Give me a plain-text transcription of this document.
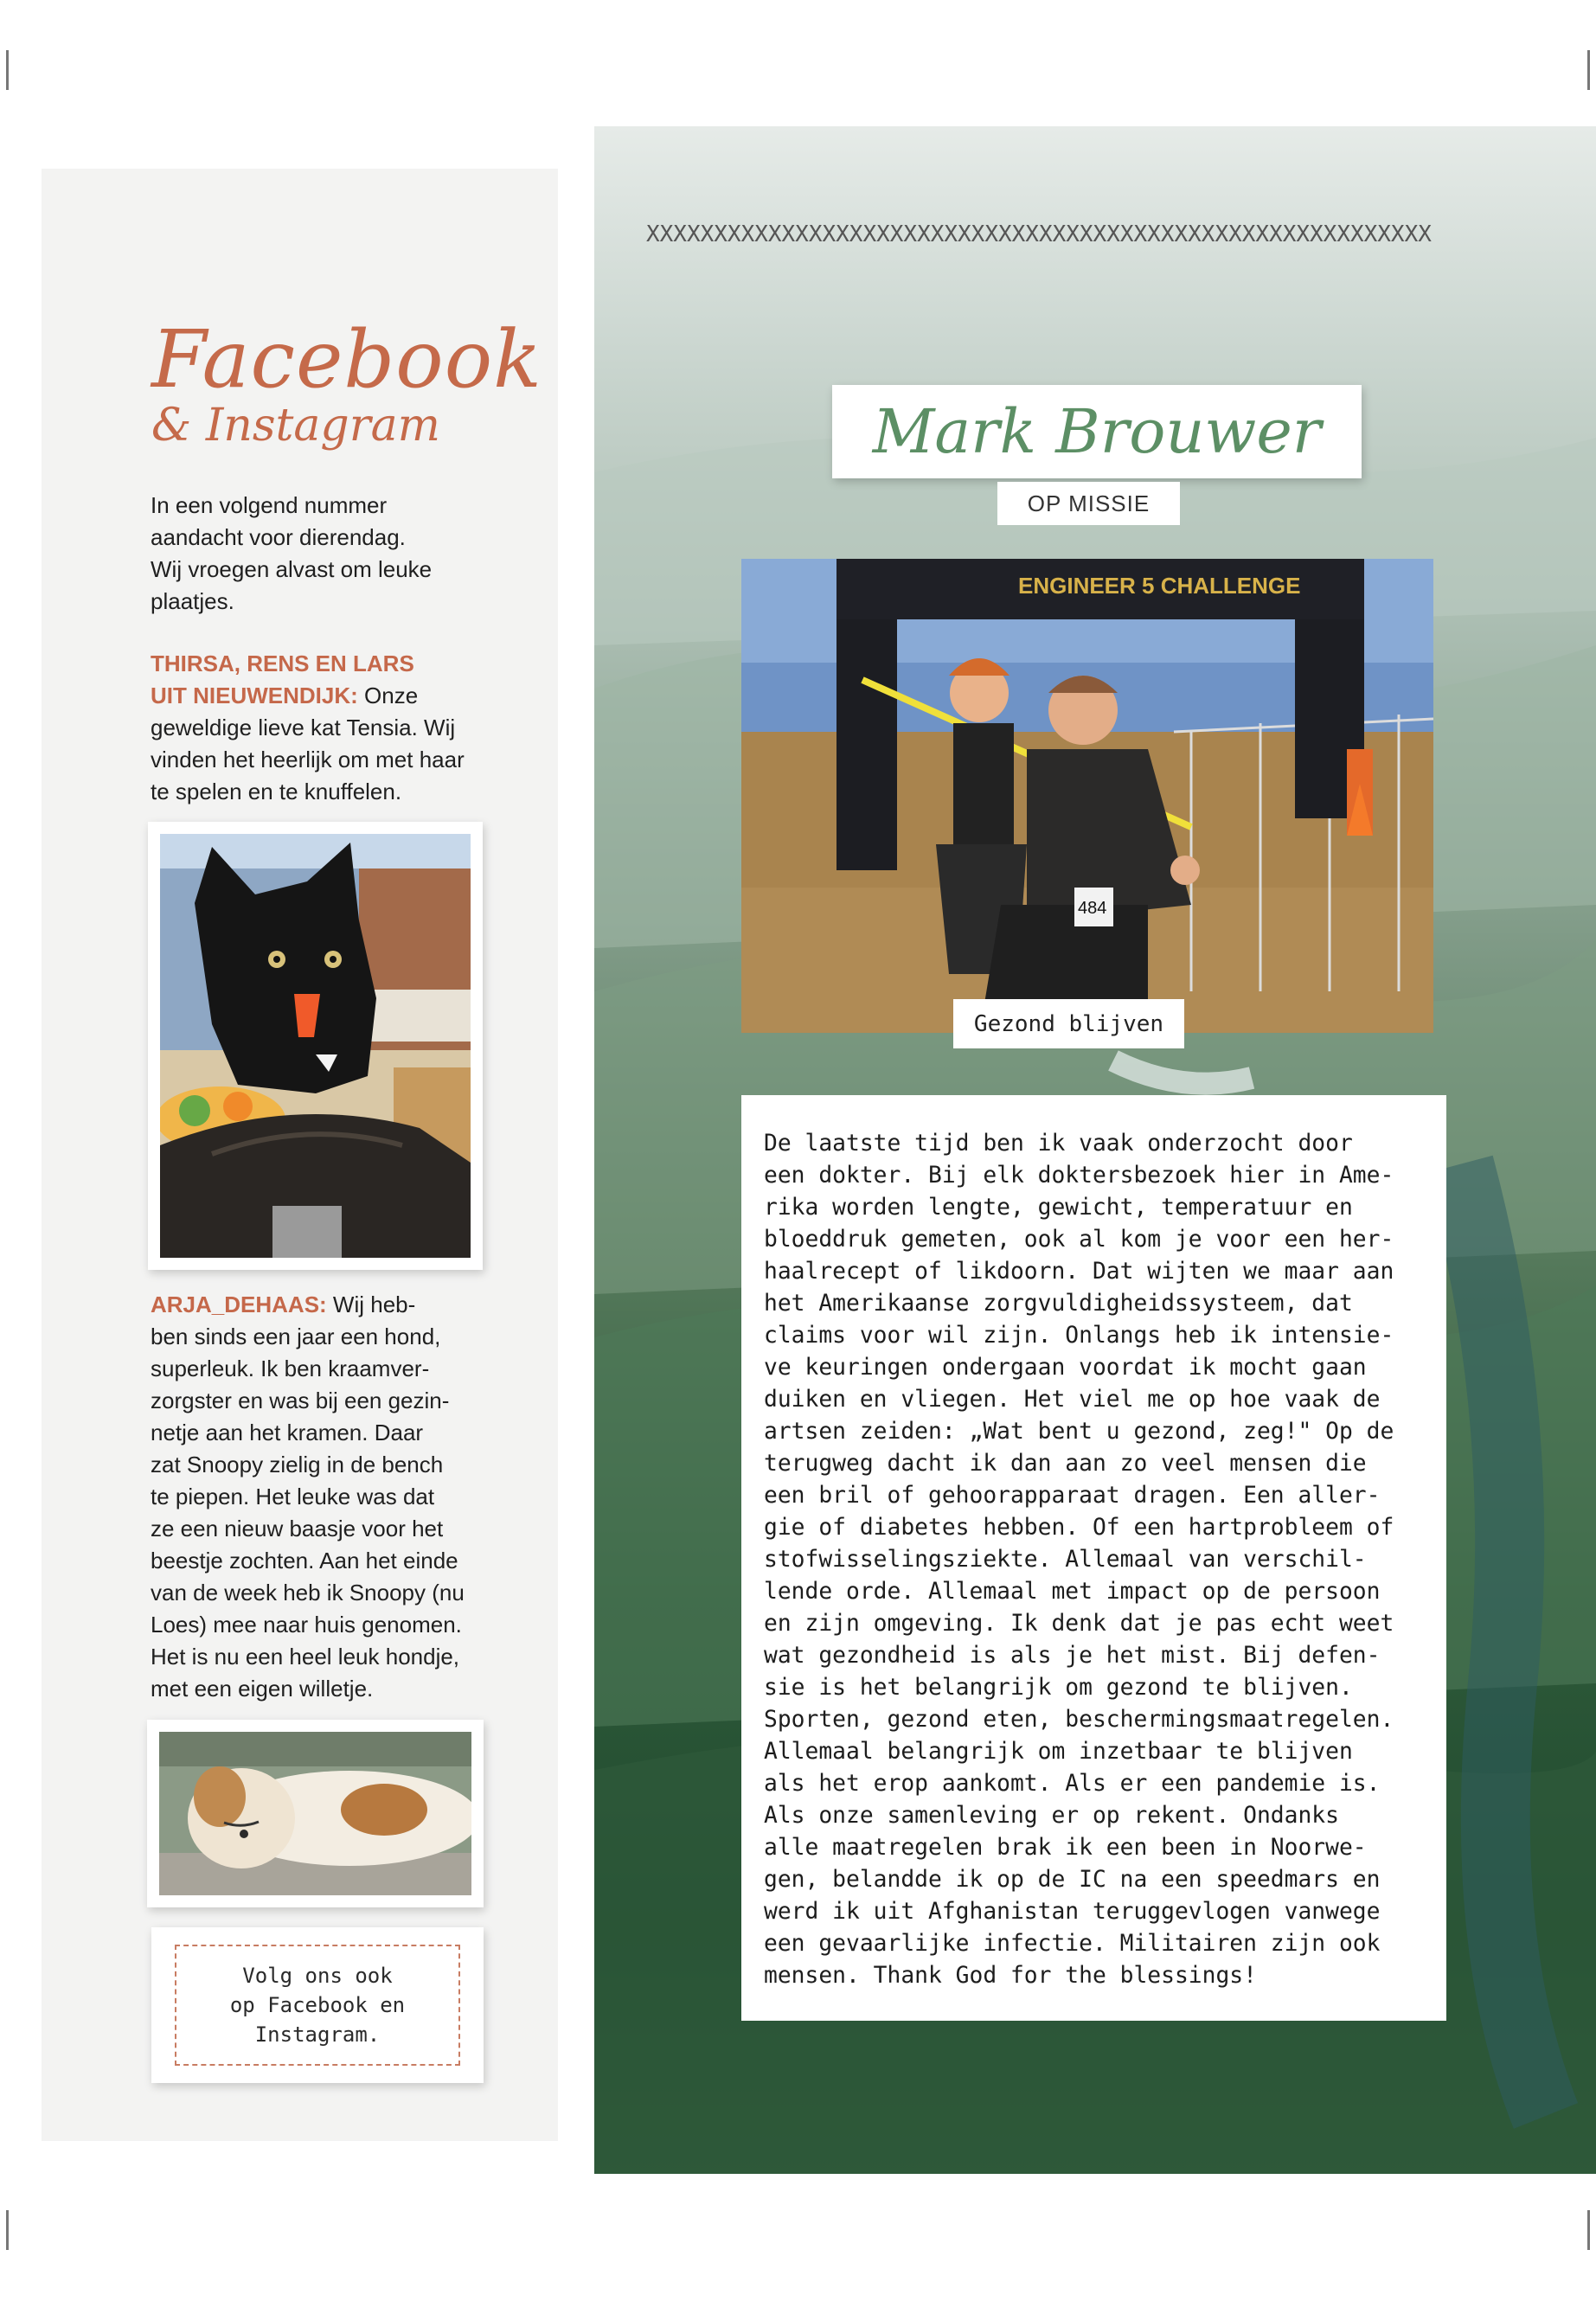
Facebook
& Instagram
In een volgend nummer
aandacht voor dierendag.
Wij vroegen alvast om leuke
plaatjes.
THIRSA, RENS EN LARS
UIT NIEUWENDIJK: Onze
geweldige lieve kat Tensia. Wij
vinden het heerlijk om met haar
te spelen en te knuffelen.
ARJA_DEHAAS: Wij heb-
ben sinds een jaar een hond,
superleuk. Ik ben kraamver-
zorgster en was bij een gezin-
netje aan het kramen. Daar
zat Snoopy zielig in de bench
te piepen. Het leuke was dat
ze een nieuw baasje voor het
beestje zochten. Aan het einde
van de week heb ik Snoopy (nu
Loes) mee naar huis genomen.
Het is nu een heel leuk hondje,
met een eigen willetje.
Volg ons ook
op Facebook en
Instagram.
XXXXXXXXXXXXXXXXXXXXXXXXXXXXXXXXXXXXXXXXXXXXXXXXXXXXXXXXXX
Mark Brouwer
OP MISSIE
ENGINEER 5 CHALLENGE
484
Gezond blijven
De laatste tijd ben ik vaak onderzocht door
een dokter. Bij elk doktersbezoek hier in Ame-
rika worden lengte, gewicht, temperatuur en
bloeddruk gemeten, ook al kom je voor een her-
haalrecept of likdoorn. Dat wijten we maar aan
het Amerikaanse zorgvuldigheidssysteem, dat
claims voor wil zijn. Onlangs heb ik intensie-
ve keuringen ondergaan voordat ik mocht gaan
duiken en vliegen. Het viel me op hoe vaak de
artsen zeiden: „Wat bent u gezond, zeg!" Op de
terugweg dacht ik dan aan zo veel mensen die
een bril of gehoorapparaat dragen. Een aller-
gie of diabetes hebben. Of een hartprobleem of
stofwisselingsziekte. Allemaal van verschil-
lende orde. Allemaal met impact op de persoon
en zijn omgeving. Ik denk dat je pas echt weet
wat gezondheid is als je het mist. Bij defen-
sie is het belangrijk om gezond te blijven.
Sporten, gezond eten, beschermingsmaatregelen.
Allemaal belangrijk om inzetbaar te blijven
als het erop aankomt. Als er een pandemie is.
Als onze samenleving er op rekent. Ondanks
alle maatregelen brak ik een been in Noorwe-
gen, belandde ik op de IC na een speedmars en
werd ik uit Afghanistan teruggevlogen vanwege
een gevaarlijke infectie. Militairen zijn ook
mensen. Thank God for the blessings!
